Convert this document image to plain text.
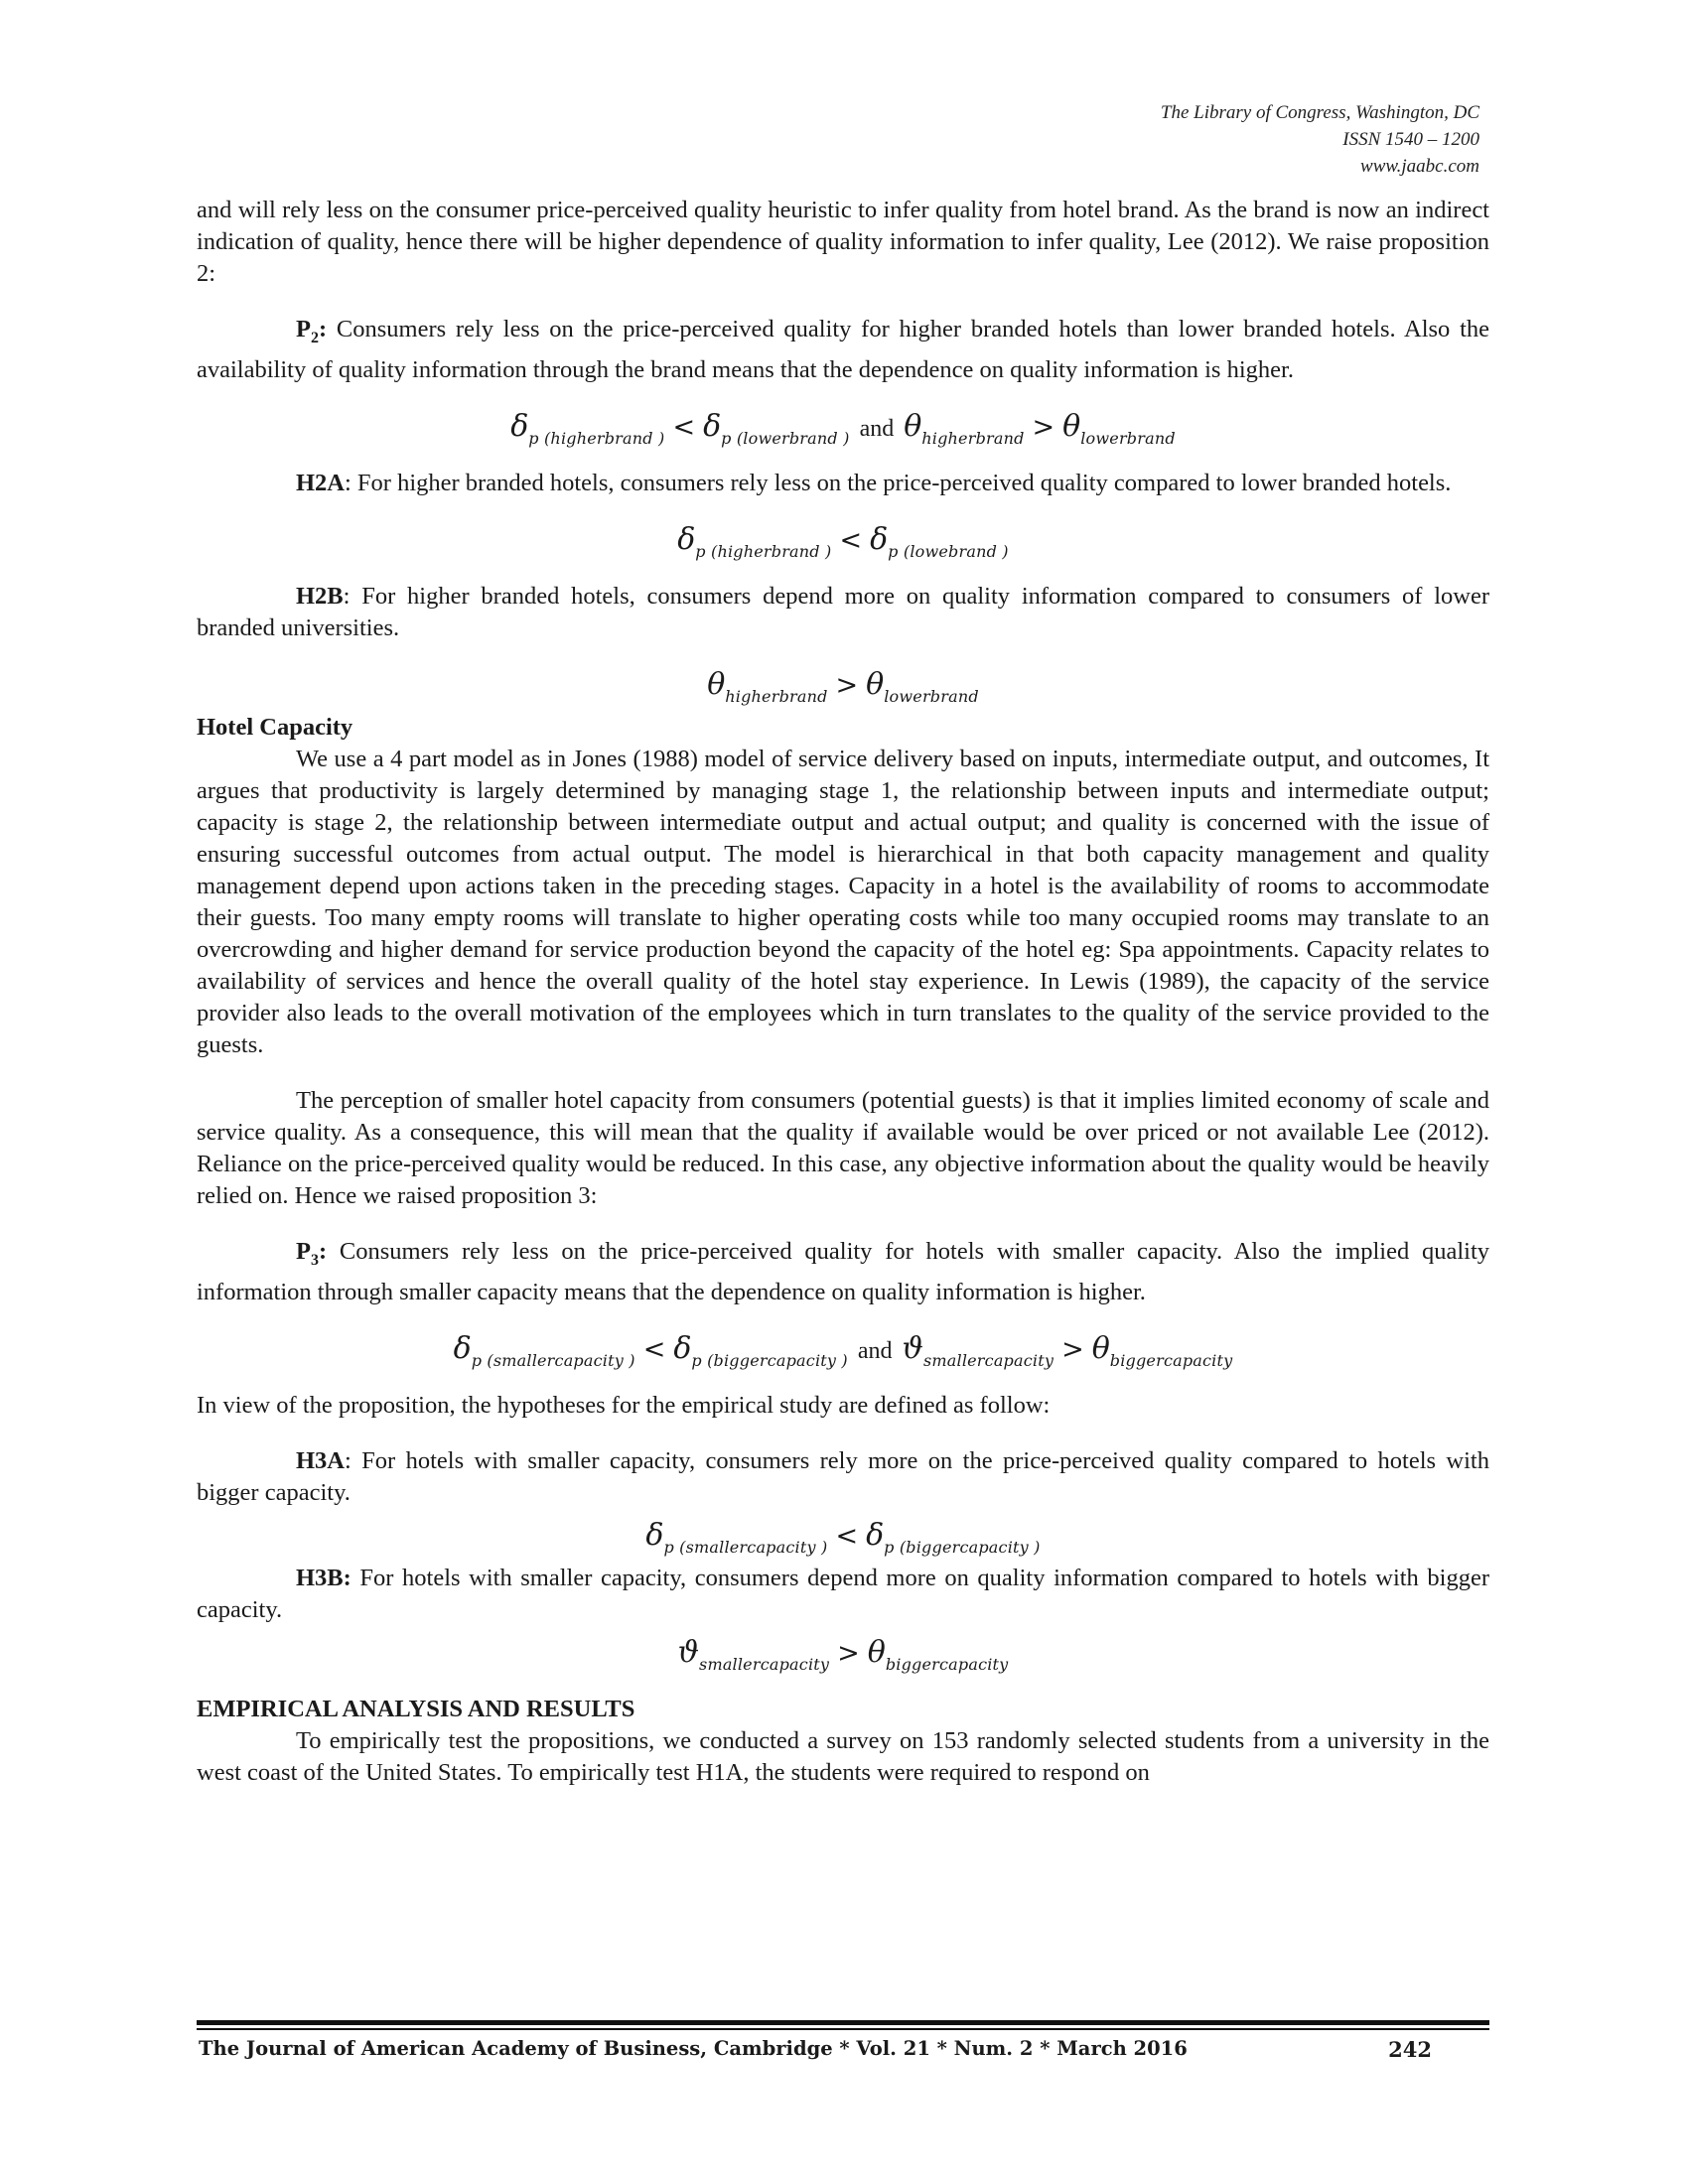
The Library of Congress, Washington, DC
ISSN 1540 – 1200
www.jaabc.com

and will rely less on the consumer price-perceived quality heuristic to infer quality from hotel brand. As the brand is now an indirect indication of quality, hence there will be higher dependence of quality information to infer quality, Lee (2012). We raise proposition 2:

$P_2$: Consumers rely less on the price-perceived quality for higher branded hotels than lower branded hotels. Also the availability of quality information through the brand means that the dependence on quality information is higher.

$\delta_{p (higherbrand )} < \delta_{p (lowerbrand )}$ and $\theta_{higherbrand} > \theta_{lowerbrand}$

H2A: For higher branded hotels, consumers rely less on the price-perceived quality compared to lower branded hotels.

$\delta_{p (higherbrand )} < \delta_{p (lowebrand )}$

H2B: For higher branded hotels, consumers depend more on quality information compared to consumers of lower branded universities.

$\theta_{higherbrand} > \theta_{lowerbrand}$

Hotel Capacity

We use a 4 part model as in Jones (1988) model of service delivery based on inputs, intermediate output, and outcomes, It argues that productivity is largely determined by managing stage 1, the relationship between inputs and intermediate output; capacity is stage 2, the relationship between intermediate output and actual output; and quality is concerned with the issue of ensuring successful outcomes from actual output. The model is hierarchical in that both capacity management and quality management depend upon actions taken in the preceding stages. Capacity in a hotel is the availability of rooms to accommodate their guests. Too many empty rooms will translate to higher operating costs while too many occupied rooms may translate to an overcrowding and higher demand for service production beyond the capacity of the hotel eg: Spa appointments. Capacity relates to availability of services and hence the overall quality of the hotel stay experience. In Lewis (1989), the capacity of the service provider also leads to the overall motivation of the employees which in turn translates to the quality of the service provided to the guests.

The perception of smaller hotel capacity from consumers (potential guests) is that it implies limited economy of scale and service quality. As a consequence, this will mean that the quality if available would be over priced or not available Lee (2012). Reliance on the price-perceived quality would be reduced. In this case, any objective information about the quality would be heavily relied on. Hence we raised proposition 3:

$P_3$: Consumers rely less on the price-perceived quality for hotels with smaller capacity. Also the implied quality information through smaller capacity means that the dependence on quality information is higher.

$\delta_{p (smallercapacity )} < \delta_{p (biggercapacity )}$ and $ϑ_{smallercapacity} > \theta_{biggercapacity}$

In view of the proposition, the hypotheses for the empirical study are defined as follow:

H3A: For hotels with smaller capacity, consumers rely more on the price-perceived quality compared to hotels with bigger capacity.

$\delta_{p (smallercapacity )} < \delta_{p (biggercapacity )}$

H3B: For hotels with smaller capacity, consumers depend more on quality information compared to hotels with bigger capacity.

$ϑ_{smallercapacity} > \theta_{biggercapacity}$

EMPIRICAL ANALYSIS AND RESULTS

To empirically test the propositions, we conducted a survey on 153 randomly selected students from a university in the west coast of the United States. To empirically test H1A, the students were required to respond on

The Journal of American Academy of Business, Cambridge * Vol. 21 * Num. 2 * March 2016	242
